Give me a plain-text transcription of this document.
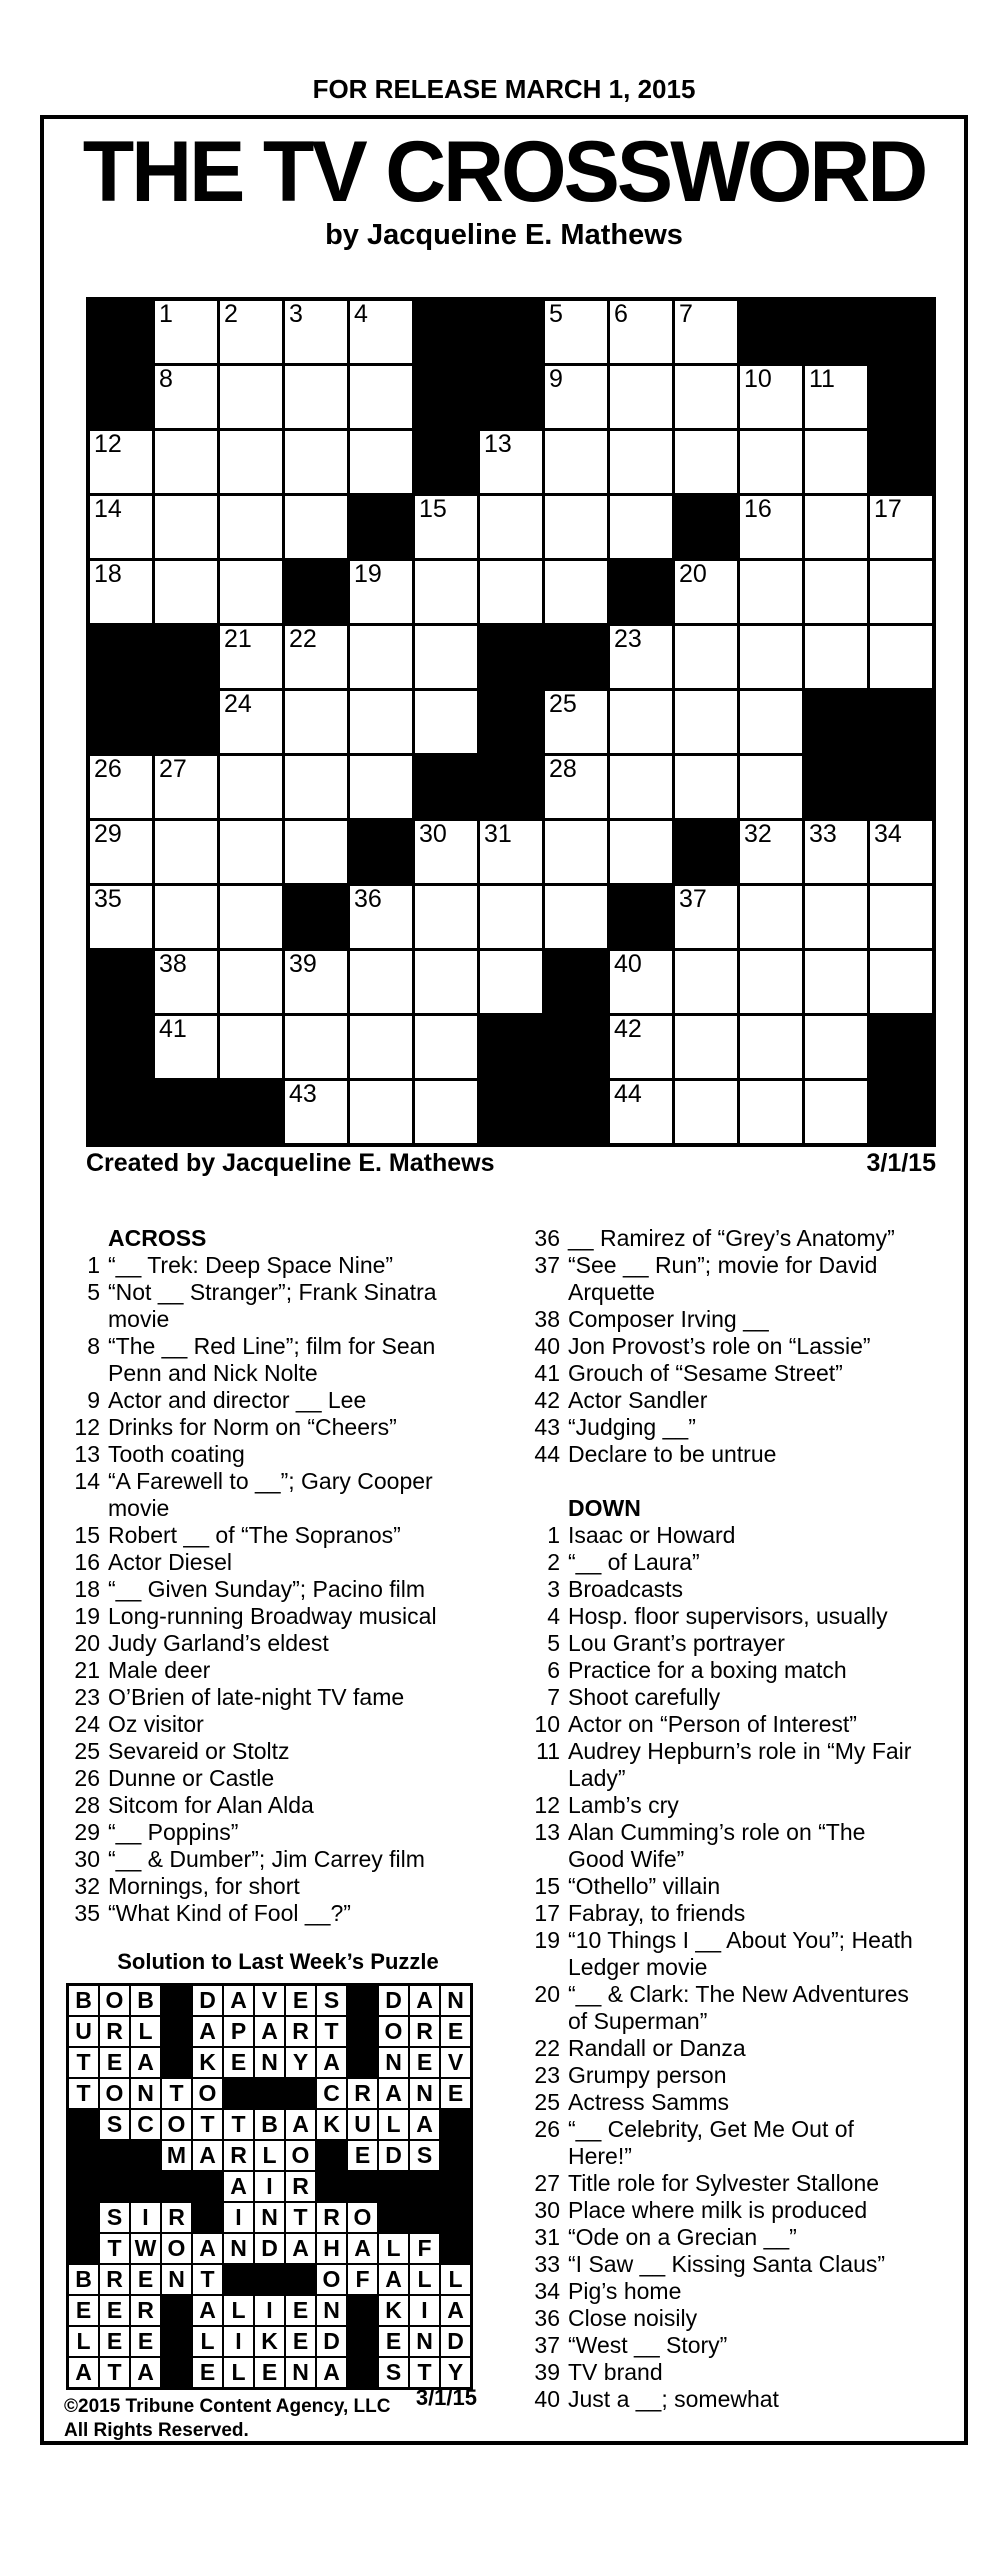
FOR RELEASE MARCH 1, 2015
THE TV CROSSWORD
by Jacqueline E. Mathews
1 2 3 4	5 6 7
8	9	10 11
12	13
14	15	16	17
18	19	20
21 22	23
24	25
26 27	28
29	30 31	32 33 34
35	36	37
38	39	40
41	42
43	44
Created by Jacqueline E. Mathews	3/1/15
ACROSS
1 “__ Trek: Deep Space Nine”
5 “Not __ Stranger”; Frank Sinatra movie
8 “The __ Red Line”; film for Sean Penn and Nick Nolte
9 Actor and director __ Lee
12 Drinks for Norm on “Cheers”
13 Tooth coating
14 “A Farewell to __”; Gary Cooper movie
15 Robert __ of “The Sopranos”
16 Actor Diesel
18 “__ Given Sunday”; Pacino film
19 Long-running Broadway musical
20 Judy Garland’s eldest
21 Male deer
23 O’Brien of late-night TV fame
24 Oz visitor
25 Sevareid or Stoltz
26 Dunne or Castle
28 Sitcom for Alan Alda
29 “__ Poppins”
30 “__ & Dumber”; Jim Carrey film
32 Mornings, for short
35 “What Kind of Fool __?”
36 __ Ramirez of “Grey’s Anatomy”
37 “See __ Run”; movie for David Arquette
38 Composer Irving __
40 Jon Provost’s role on “Lassie”
41 Grouch of “Sesame Street”
42 Actor Sandler
43 “Judging __”
44 Declare to be untrue
DOWN
1 Isaac or Howard
2 “__ of Laura”
3 Broadcasts
4 Hosp. floor supervisors, usually
5 Lou Grant’s portrayer
6 Practice for a boxing match
7 Shoot carefully
10 Actor on “Person of Interest”
11 Audrey Hepburn’s role in “My Fair Lady”
12 Lamb’s cry
13 Alan Cumming’s role on “The Good Wife”
15 “Othello” villain
17 Fabray, to friends
19 “10 Things I __ About You”; Heath Ledger movie
20 “__ & Clark: The New Adventures of Superman”
22 Randall or Danza
23 Grumpy person
25 Actress Samms
26 “__ Celebrity, Get Me Out of Here!”
27 Title role for Sylvester Stallone
30 Place where milk is produced
31 “Ode on a Grecian __”
33 “I Saw __ Kissing Santa Claus”
34 Pig’s home
36 Close noisily
37 “West __ Story”
39 TV brand
40 Just a __; somewhat
Solution to Last Week’s Puzzle
B O B D A V E S D A N
U R L A P A R T O R E
T E A K E N Y A N E V
T O N T O	C R A N E
S C O T T B A K U L A
M A R L O E D S
A I R
S I R I N T R O
T W O A N D A H A L F
B R E N T	O F A L L
E E R A L I E N K I A
L E E L I K E D E N D
A T A E L E N A S T Y
3/1/15
©2015 Tribune Content Agency, LLC
All Rights Reserved.
